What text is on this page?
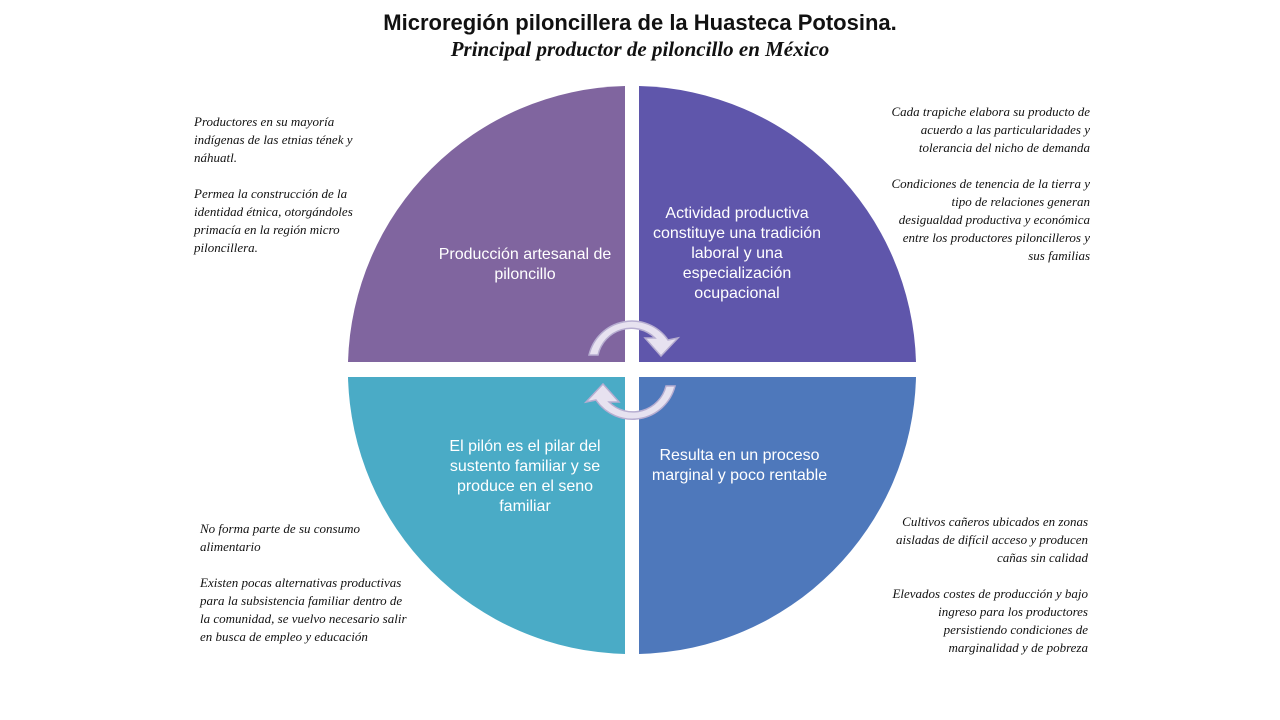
Microregión piloncillera de la Huasteca Potosina.
Principal productor de piloncillo en México
Producción artesanal de piloncillo
Actividad productiva constituye una tradición laboral y una especialización ocupacional
El pilón es el pilar del sustento familiar y se produce en el seno familiar
Resulta en un proceso marginal y poco rentable

Productores en su mayoría indígenas de las etnias tének y náhuatl.

Permea la construcción de la identidad étnica, otorgándoles primacía en la región micro piloncillera.

Cada trapiche elabora su producto de acuerdo a las particularidades y tolerancia del nicho de demanda

Condiciones de tenencia de la tierra y tipo de relaciones generan desigualdad productiva y económica entre los productores piloncilleros y sus familias

No forma parte de su consumo alimentario

Existen pocas alternativas productivas para la subsistencia familiar dentro de la comunidad, se vuelvo necesario salir en busca de empleo y educación

Cultivos cañeros ubicados en zonas aisladas de difícil acceso y producen cañas sin calidad

Elevados costes de producción y bajo ingreso para los productores persistiendo condiciones de marginalidad y de pobreza
